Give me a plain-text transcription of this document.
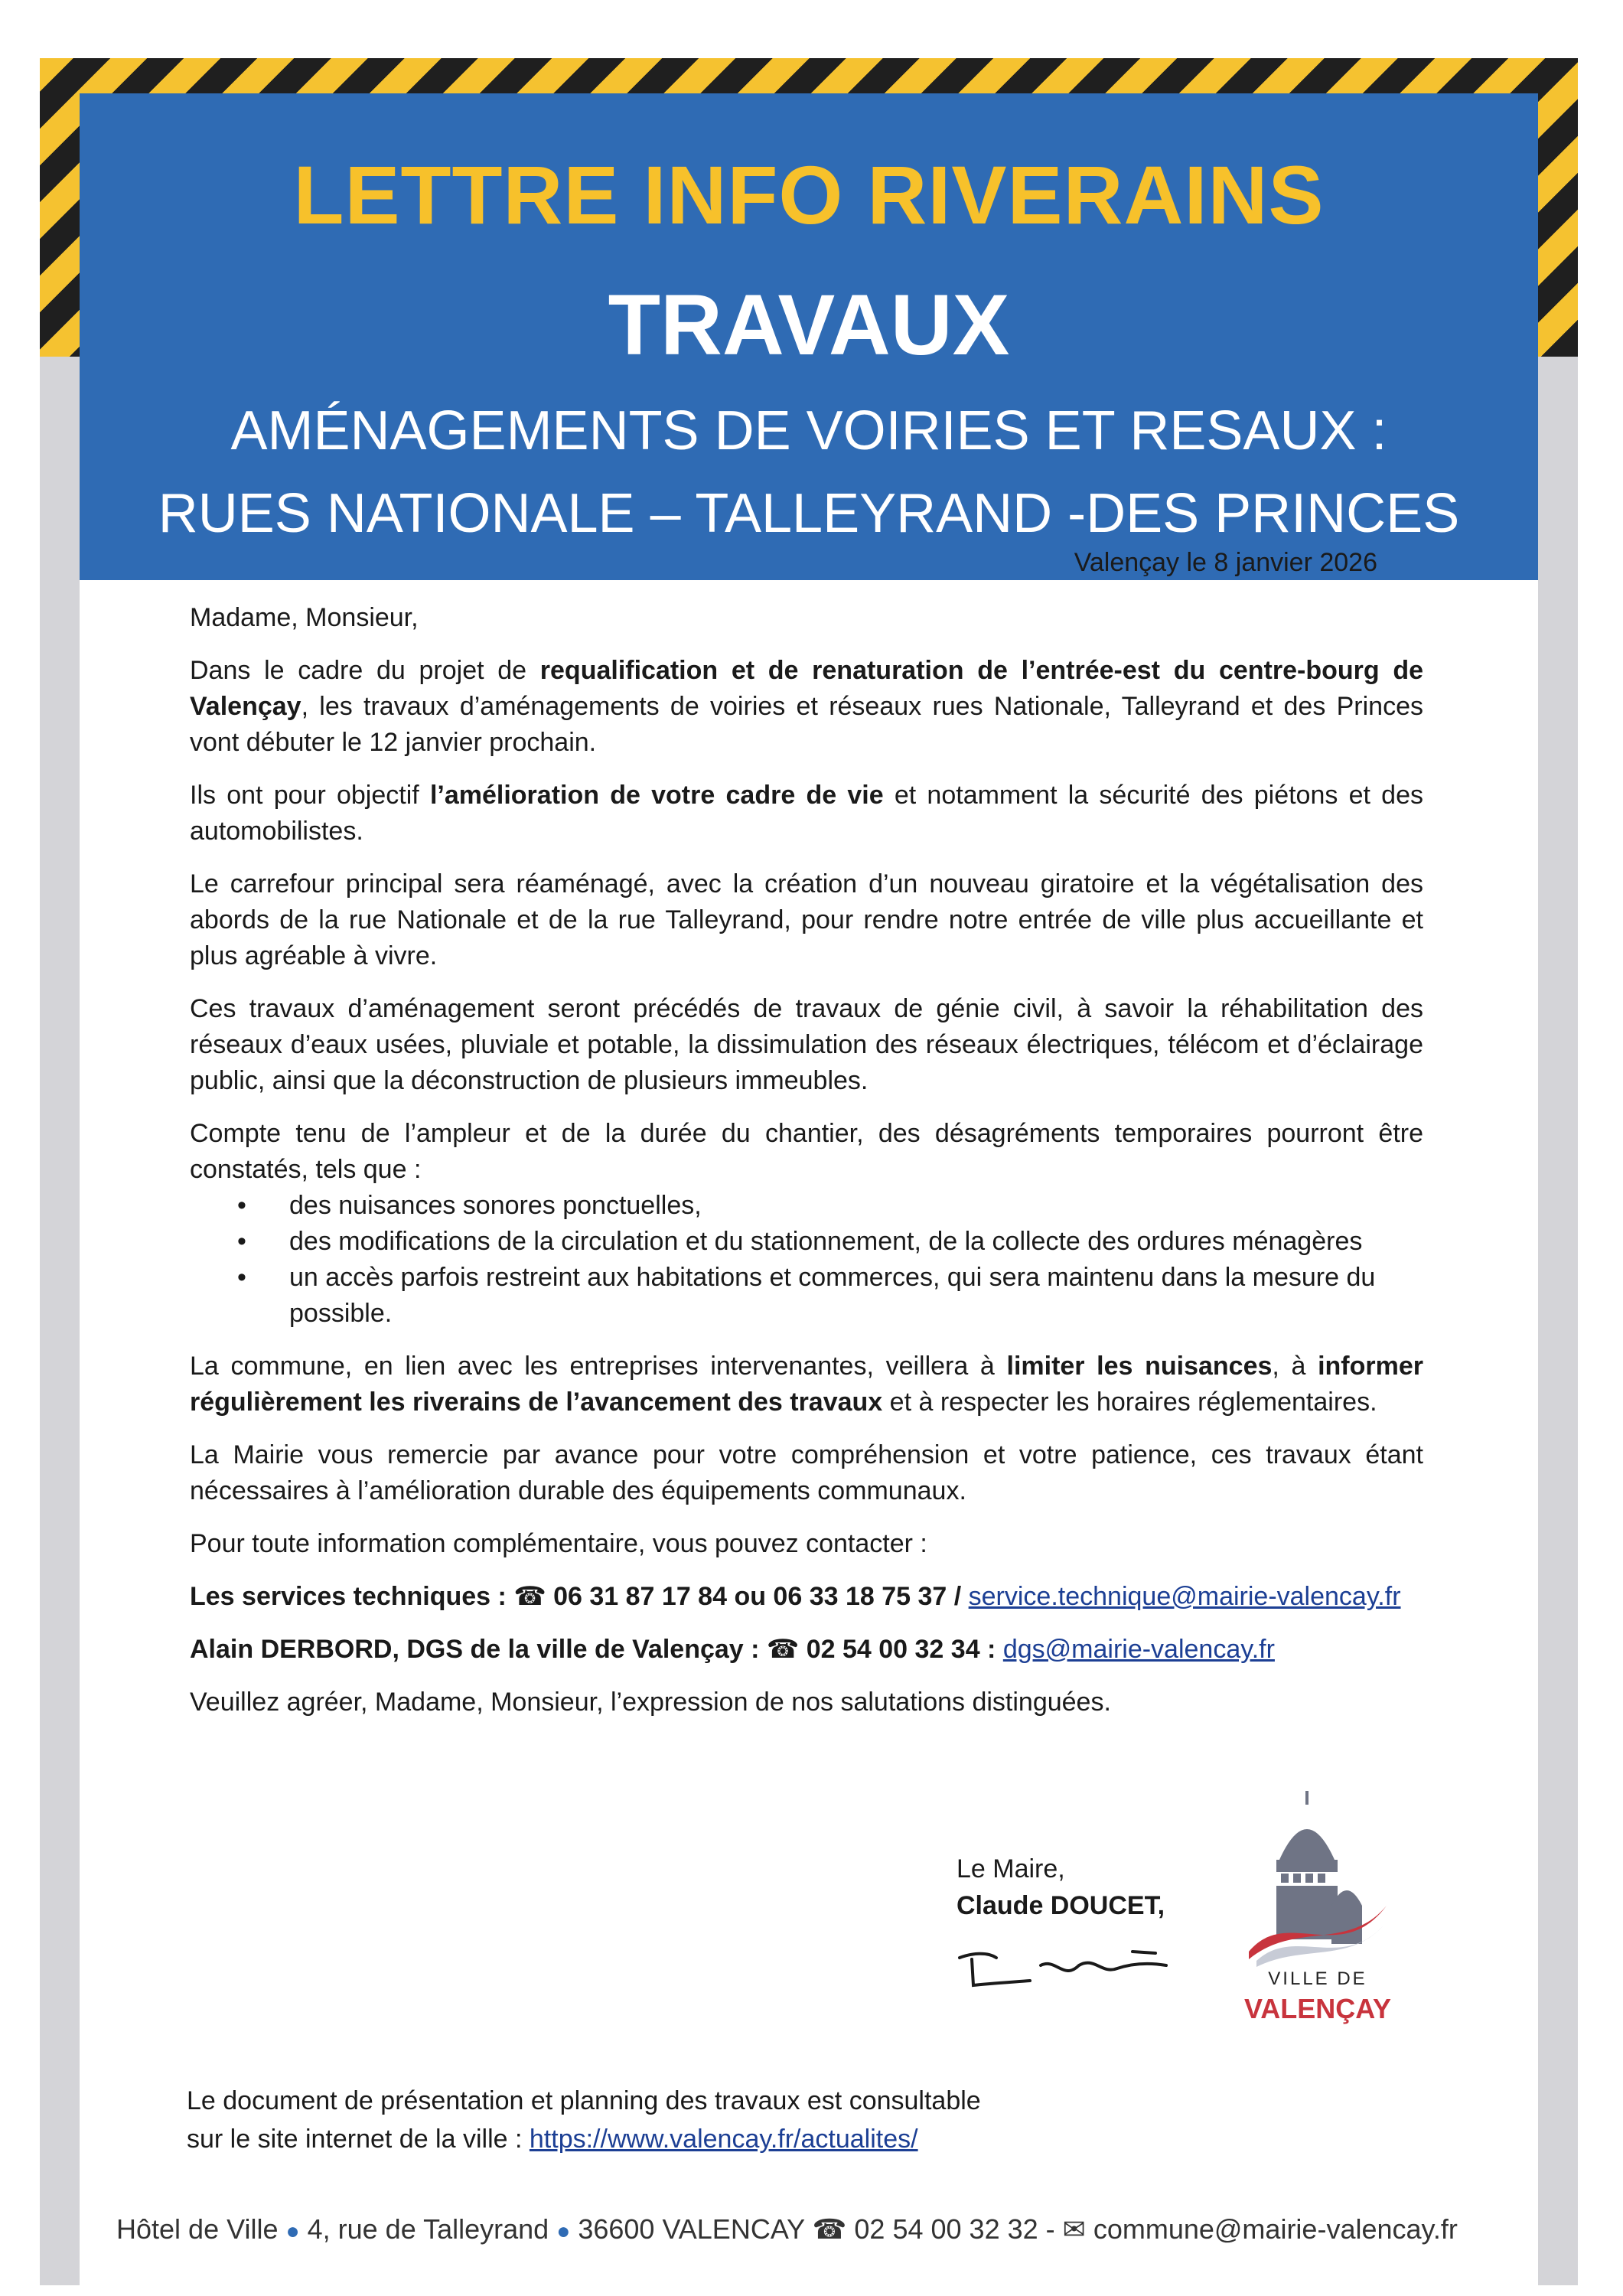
LETTRE INFO RIVERAINS
TRAVAUX
AMÉNAGEMENTS DE VOIRIES ET RESAUX :
RUES NATIONALE – TALLEYRAND -DES PRINCES
Valençay le 8 janvier 2026

Madame, Monsieur,

Dans le cadre du projet de requalification et de renaturation de l’entrée-est du centre-bourg de Valençay, les travaux d’aménagements de voiries et réseaux rues Nationale, Talleyrand et des Princes vont débuter le 12 janvier prochain.

Ils ont pour objectif l’amélioration de votre cadre de vie et notamment la sécurité des piétons et des automobilistes.

Le carrefour principal sera réaménagé, avec la création d’un nouveau giratoire et la végétalisation des abords de la rue Nationale et de la rue Talleyrand, pour rendre notre entrée de ville plus accueillante et plus agréable à vivre.

Ces travaux d’aménagement seront précédés de travaux de génie civil, à savoir la réhabilitation des réseaux d’eaux usées, pluviale et potable, la dissimulation des réseaux électriques, télécom et d’éclairage public, ainsi que la déconstruction de plusieurs immeubles.

Compte tenu de l’ampleur et de la durée du chantier, des désagréments temporaires pourront être constatés, tels que :

• des nuisances sonores ponctuelles,
• des modifications de la circulation et du stationnement, de la collecte des ordures ménagères
• un accès parfois restreint aux habitations et commerces, qui sera maintenu dans la mesure du possible.

La commune, en lien avec les entreprises intervenantes, veillera à limiter les nuisances, à informer régulièrement les riverains de l’avancement des travaux et à respecter les horaires réglementaires.

La Mairie vous remercie par avance pour votre compréhension et votre patience, ces travaux étant nécessaires à l’amélioration durable des équipements communaux.

Pour toute information complémentaire, vous pouvez contacter :

Les services techniques : ☎ 06 31 87 17 84 ou 06 33 18 75 37 / service.technique@mairie-valencay.fr
Alain DERBORD, DGS de la ville de Valençay : ☎ 02 54 00 32 34 : dgs@mairie-valencay.fr

Veuillez agréer, Madame, Monsieur, l’expression de nos salutations distinguées.

Le Maire,
Claude DOUCET,
VILLE DE
VALENÇAY
Le document de présentation et planning des travaux est consultable
sur le site internet de la ville : https://www.valencay.fr/actualites/
Hôtel de Ville ● 4, rue de Talleyrand ● 36600 VALENCAY ☎ 02 54 00 32 32 - ✉ commune@mairie-valencay.fr
